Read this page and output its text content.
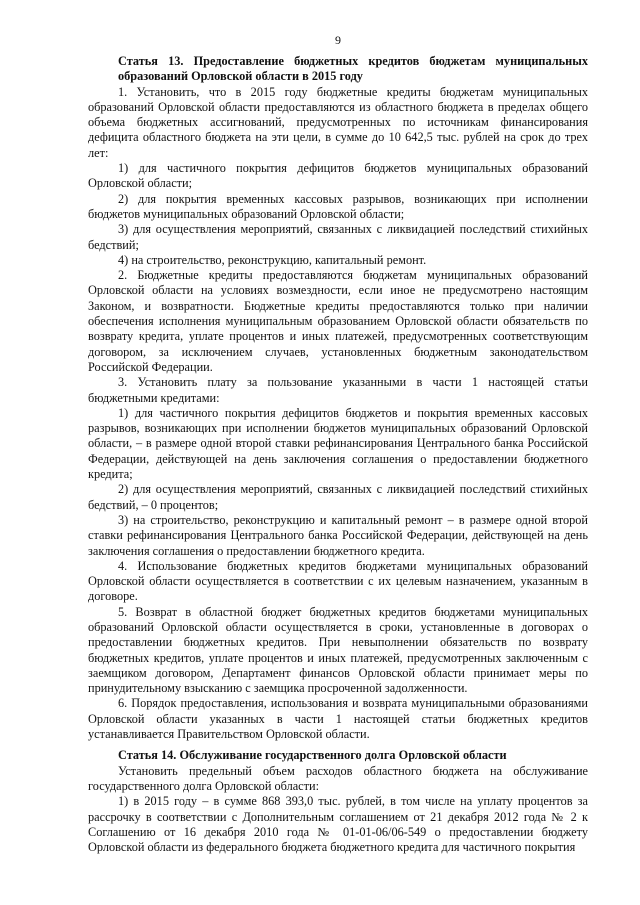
9

Статья 13. Предоставление бюджетных кредитов бюджетам муниципальных образований Орловской области в 2015 году

1. Установить, что в 2015 году бюджетные кредиты бюджетам муниципальных образований Орловской области предоставляются из областного бюджета в пределах общего объема бюджетных ассигнований, предусмотренных по источникам финансирования дефицита областного бюджета на эти цели, в сумме до 10 642,5 тыс. рублей на срок до трех лет:

1) для частичного покрытия дефицитов бюджетов муниципальных образований Орловской области;

2) для покрытия временных кассовых разрывов, возникающих при исполнении бюджетов муниципальных образований Орловской области;

3) для осуществления мероприятий, связанных с ликвидацией последствий стихийных бедствий;

4) на строительство, реконструкцию, капитальный ремонт.

2. Бюджетные кредиты предоставляются бюджетам муниципальных образований Орловской области на условиях возмездности, если иное не предусмотрено настоящим Законом, и возвратности. Бюджетные кредиты предоставляются только при наличии обеспечения исполнения муниципальным образованием Орловской области обязательств по возврату кредита, уплате процентов и иных платежей, предусмотренных соответствующим договором, за исключением случаев, установленных бюджетным законодательством Российской Федерации.

3. Установить плату за пользование указанными в части 1 настоящей статьи бюджетными кредитами:

1) для частичного покрытия дефицитов бюджетов и покрытия временных кассовых разрывов, возникающих при исполнении бюджетов муниципальных образований Орловской области, – в размере одной второй ставки рефинансирования Центрального банка Российской Федерации, действующей на день заключения соглашения о предоставлении бюджетного кредита;

2) для осуществления мероприятий, связанных с ликвидацией последствий стихийных бедствий, – 0 процентов;

3) на строительство, реконструкцию и капитальный ремонт – в размере одной второй ставки рефинансирования Центрального банка Российской Федерации, действующей на день заключения соглашения о предоставлении бюджетного кредита.

4. Использование бюджетных кредитов бюджетами муниципальных образований Орловской области осуществляется в соответствии с их целевым назначением, указанным в договоре.

5. Возврат в областной бюджет бюджетных кредитов бюджетами муниципальных образований Орловской области осуществляется в сроки, установленные в договорах о предоставлении бюджетных кредитов. При невыполнении обязательств по возврату бюджетных кредитов, уплате процентов и иных платежей, предусмотренных заключенным с заемщиком договором, Департамент финансов Орловской области принимает меры по принудительному взысканию с заемщика просроченной задолженности.

6. Порядок предоставления, использования и возврата муниципальными образованиями Орловской области указанных в части 1 настоящей статьи бюджетных кредитов устанавливается Правительством Орловской области.

Статья 14. Обслуживание государственного долга Орловской области

Установить предельный объем расходов областного бюджета на обслуживание государственного долга Орловской области:

1) в 2015 году – в сумме 868 393,0 тыс. рублей, в том числе на уплату процентов за рассрочку в соответствии с Дополнительным соглашением от 21 декабря 2012 года № 2 к Соглашению от 16 декабря 2010 года № 01-01-06/06-549 о предоставлении бюджету Орловской области из федерального бюджета бюджетного кредита для частичного покрытия
